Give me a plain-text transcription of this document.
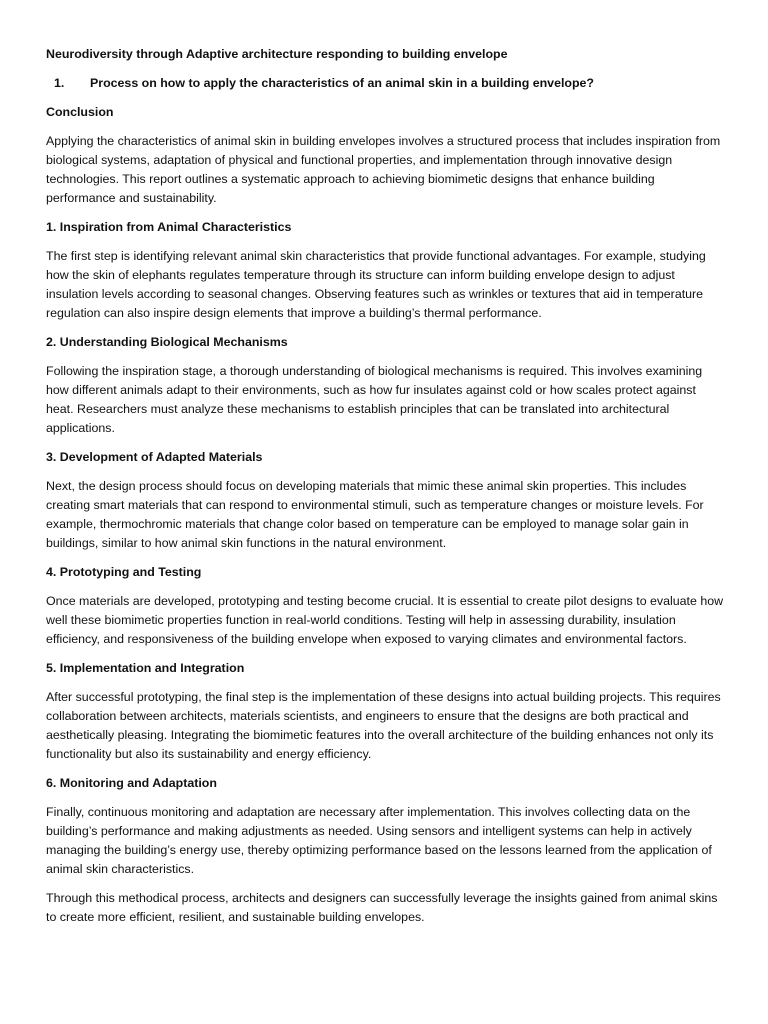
Neurodiversity through Adaptive architecture responding to building envelope

1. Process on how to apply the characteristics of an animal skin in a building envelope?

Conclusion

Applying the characteristics of animal skin in building envelopes involves a structured process that includes inspiration from biological systems, adaptation of physical and functional properties, and implementation through innovative design technologies. This report outlines a systematic approach to achieving biomimetic designs that enhance building performance and sustainability.

1. Inspiration from Animal Characteristics

The first step is identifying relevant animal skin characteristics that provide functional advantages. For example, studying how the skin of elephants regulates temperature through its structure can inform building envelope design to adjust insulation levels according to seasonal changes. Observing features such as wrinkles or textures that aid in temperature regulation can also inspire design elements that improve a building’s thermal performance.

2. Understanding Biological Mechanisms

Following the inspiration stage, a thorough understanding of biological mechanisms is required. This involves examining how different animals adapt to their environments, such as how fur insulates against cold or how scales protect against heat. Researchers must analyze these mechanisms to establish principles that can be translated into architectural applications.

3. Development of Adapted Materials

Next, the design process should focus on developing materials that mimic these animal skin properties. This includes creating smart materials that can respond to environmental stimuli, such as temperature changes or moisture levels. For example, thermochromic materials that change color based on temperature can be employed to manage solar gain in buildings, similar to how animal skin functions in the natural environment.

4. Prototyping and Testing

Once materials are developed, prototyping and testing become crucial. It is essential to create pilot designs to evaluate how well these biomimetic properties function in real-world conditions. Testing will help in assessing durability, insulation efficiency, and responsiveness of the building envelope when exposed to varying climates and environmental factors.

5. Implementation and Integration

After successful prototyping, the final step is the implementation of these designs into actual building projects. This requires collaboration between architects, materials scientists, and engineers to ensure that the designs are both practical and aesthetically pleasing. Integrating the biomimetic features into the overall architecture of the building enhances not only its functionality but also its sustainability and energy efficiency.

6. Monitoring and Adaptation

Finally, continuous monitoring and adaptation are necessary after implementation. This involves collecting data on the building’s performance and making adjustments as needed. Using sensors and intelligent systems can help in actively managing the building’s energy use, thereby optimizing performance based on the lessons learned from the application of animal skin characteristics.

Through this methodical process, architects and designers can successfully leverage the insights gained from animal skins to create more efficient, resilient, and sustainable building envelopes.
